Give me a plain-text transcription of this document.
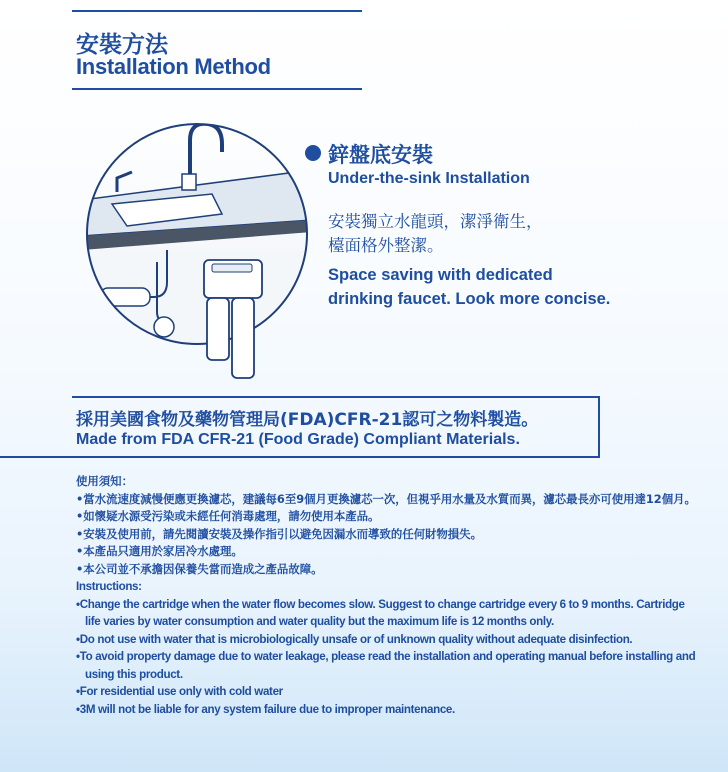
安裝方法
Installation Method
鋅盤底安裝
Under-the-sink Installation
安裝獨立水龍頭，潔淨衛生，
檯面格外整潔。
Space saving with dedicated
drinking faucet. Look more concise.
採用美國食物及藥物管理局(FDA)CFR-21認可之物料製造。
Made from FDA CFR-21 (Food Grade) Compliant Materials.

使用須知：

• 當水流速度減慢便應更換濾芯，建議每6至9個月更換濾芯一次，但視乎用水量及水質而異，濾芯最長亦可使用達12個月。

• 如懷疑水源受污染或未經任何消毒處理，請勿使用本產品。

• 安裝及使用前，請先閱讀安裝及操作指引以避免因漏水而導致的任何財物損失。

• 本產品只適用於家居冷水處理。

• 本公司並不承擔因保養失當而造成之產品故障。

Instructions:

• Change the cartridge when the water flow becomes slow. Suggest to change cartridge every 6 to 9 months. Cartridge life varies by water consumption and water quality but the maximum life is 12 months only.

• Do not use with water that is microbiologically unsafe or of unknown quality without adequate disinfection.

• To avoid property damage due to water leakage, please read the installation and operating manual before installing and using this product.

• For residential use only with cold water

• 3M will not be liable for any system failure due to improper maintenance.
